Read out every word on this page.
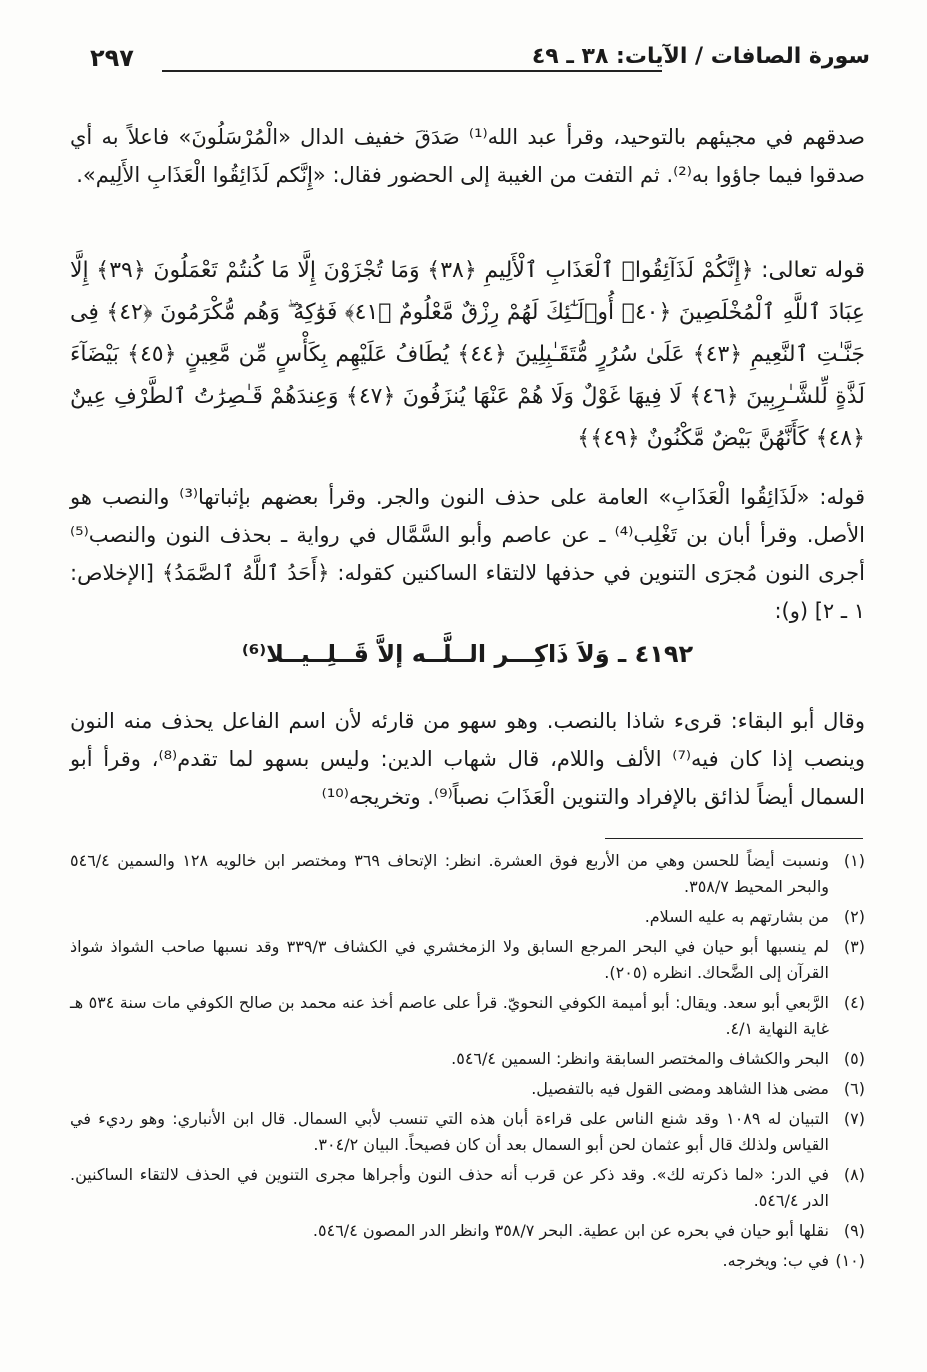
٢٩٧	سورة الصافات / الآيات: ٣٨ ـ ٤٩
صدقهم في مجيئهم بالتوحيد، وقرأ عبد الله⁽¹⁾ صَدَقَ خفيف الدال «الْمُرْسَلُونَ» فاعلاً به أي صدقوا فيما جاؤوا به⁽²⁾. ثم التفت من الغيبة إلى الحضور فقال: «إِنَّكم لَذَائِقُوا الْعَذَابِ الأَلِيم».
قوله تعالى: ﴿إِنَّكُمْ لَذَآئِقُوا۟ ٱلْعَذَابِ ٱلْأَلِيمِ ﴿٣٨﴾ وَمَا تُجْزَوْنَ إِلَّا مَا كُنتُمْ تَعْمَلُونَ ﴿٣٩﴾ إِلَّا عِبَادَ ٱللَّهِ ٱلْمُخْلَصِينَ ﴿٤٠﴾ أُو۟لَـٰٓئِكَ لَهُمْ رِزْقٌ مَّعْلُومٌ ﴿٤١﴾ فَوَٰكِهُ ۖ وَهُم مُّكْرَمُونَ ﴿٤٢﴾ فِى جَنَّـٰتِ ٱلنَّعِيمِ ﴿٤٣﴾ عَلَىٰ سُرُرٍ مُّتَقَـٰبِلِينَ ﴿٤٤﴾ يُطَافُ عَلَيْهِم بِكَأْسٍ مِّن مَّعِينٍ ﴿٤٥﴾ بَيْضَآءَ لَذَّةٍ لِّلشَّـٰرِبِينَ ﴿٤٦﴾ لَا فِيهَا غَوْلٌ وَلَا هُمْ عَنْهَا يُنزَفُونَ ﴿٤٧﴾ وَعِندَهُمْ قَـٰصِرَٰتُ ٱلطَّرْفِ عِينٌ ﴿٤٨﴾ كَأَنَّهُنَّ بَيْضٌ مَّكْنُونٌ ﴿٤٩﴾﴾
قوله: «لَذَائِقُوا الْعَذَابِ» العامة على حذف النون والجر. وقرأ بعضهم بإثباتها⁽³⁾ والنصب هو الأصل. وقرأ أبان بن تَغْلِب⁽⁴⁾ ـ عن عاصم وأبو السَّمَّال في رواية ـ بحذف النون والنصب⁽⁵⁾ أجرى النون مُجرَى التنوين في حذفها لالتقاء الساكنين كقوله: ﴿أَحَدُ ٱللَّهُ ٱلصَّمَدُ﴾ [الإخلاص: ١ ـ ٢] (و):
٤١٩٢ ـ وَلاَ ذَاكِـــر الــلَّــه إلاَّ قَــلِــيــلا⁽⁶⁾
وقال أبو البقاء: قرىء شاذا بالنصب. وهو سهو من قارئه لأن اسم الفاعل يحذف منه النون وينصب إذا كان فيه⁽⁷⁾ الألف واللام، قال شهاب الدين: وليس بسهو لما تقدم⁽⁸⁾، وقرأ أبو السمال أيضاً لذائق بالإفراد والتنوين الْعَذَابَ نصباً⁽⁹⁾. وتخريجه⁽¹⁰⁾
(١)
ونسبت أيضاً للحسن وهي من الأربع فوق العشرة. انظر: الإتحاف ٣٦٩ ومختصر ابن خالويه ١٢٨ والسمين ٥٤٦/٤ والبحر المحيط ٣٥٨/٧.
(٢)
من بشارتهم به عليه السلام.
(٣)
لم ينسبها أبو حيان في البحر المرجع السابق ولا الزمخشري في الكشاف ٣٣٩/٣ وقد نسبها صاحب الشواذ شواذ القرآن إلى الضَّحاك. انظره (٢٠٥).
(٤)
الرَّبعي أبو سعد. ويقال: أبو أميمة الكوفي النحويّ. قرأ على عاصم أخذ عنه محمد بن صالح الكوفي مات سنة ٥٣٤ هـ غاية النهاية ٤/١.
(٥)
البحر والكشاف والمختصر السابقة وانظر: السمين ٥٤٦/٤.
(٦)
مضى هذا الشاهد ومضى القول فيه بالتفصيل.
(٧)
التبيان له ١٠٨٩ وقد شنع الناس على قراءة أبان هذه التي تنسب لأبي السمال. قال ابن الأنباري: وهو رديء في القياس ولذلك قال أبو عثمان لحن أبو السمال بعد أن كان فصيحاً. البيان ٣٠٤/٢.
(٨)
في الدر: «لما ذكرته لك». وقد ذكر عن قرب أنه حذف النون وأجراها مجرى التنوين في الحذف لالتقاء الساكنين. الدر ٥٤٦/٤.
(٩)
نقلها أبو حيان في بحره عن ابن عطية. البحر ٣٥٨/٧ وانظر الدر المصون ٥٤٦/٤.
(١٠)
في ب: ويخرجه.
